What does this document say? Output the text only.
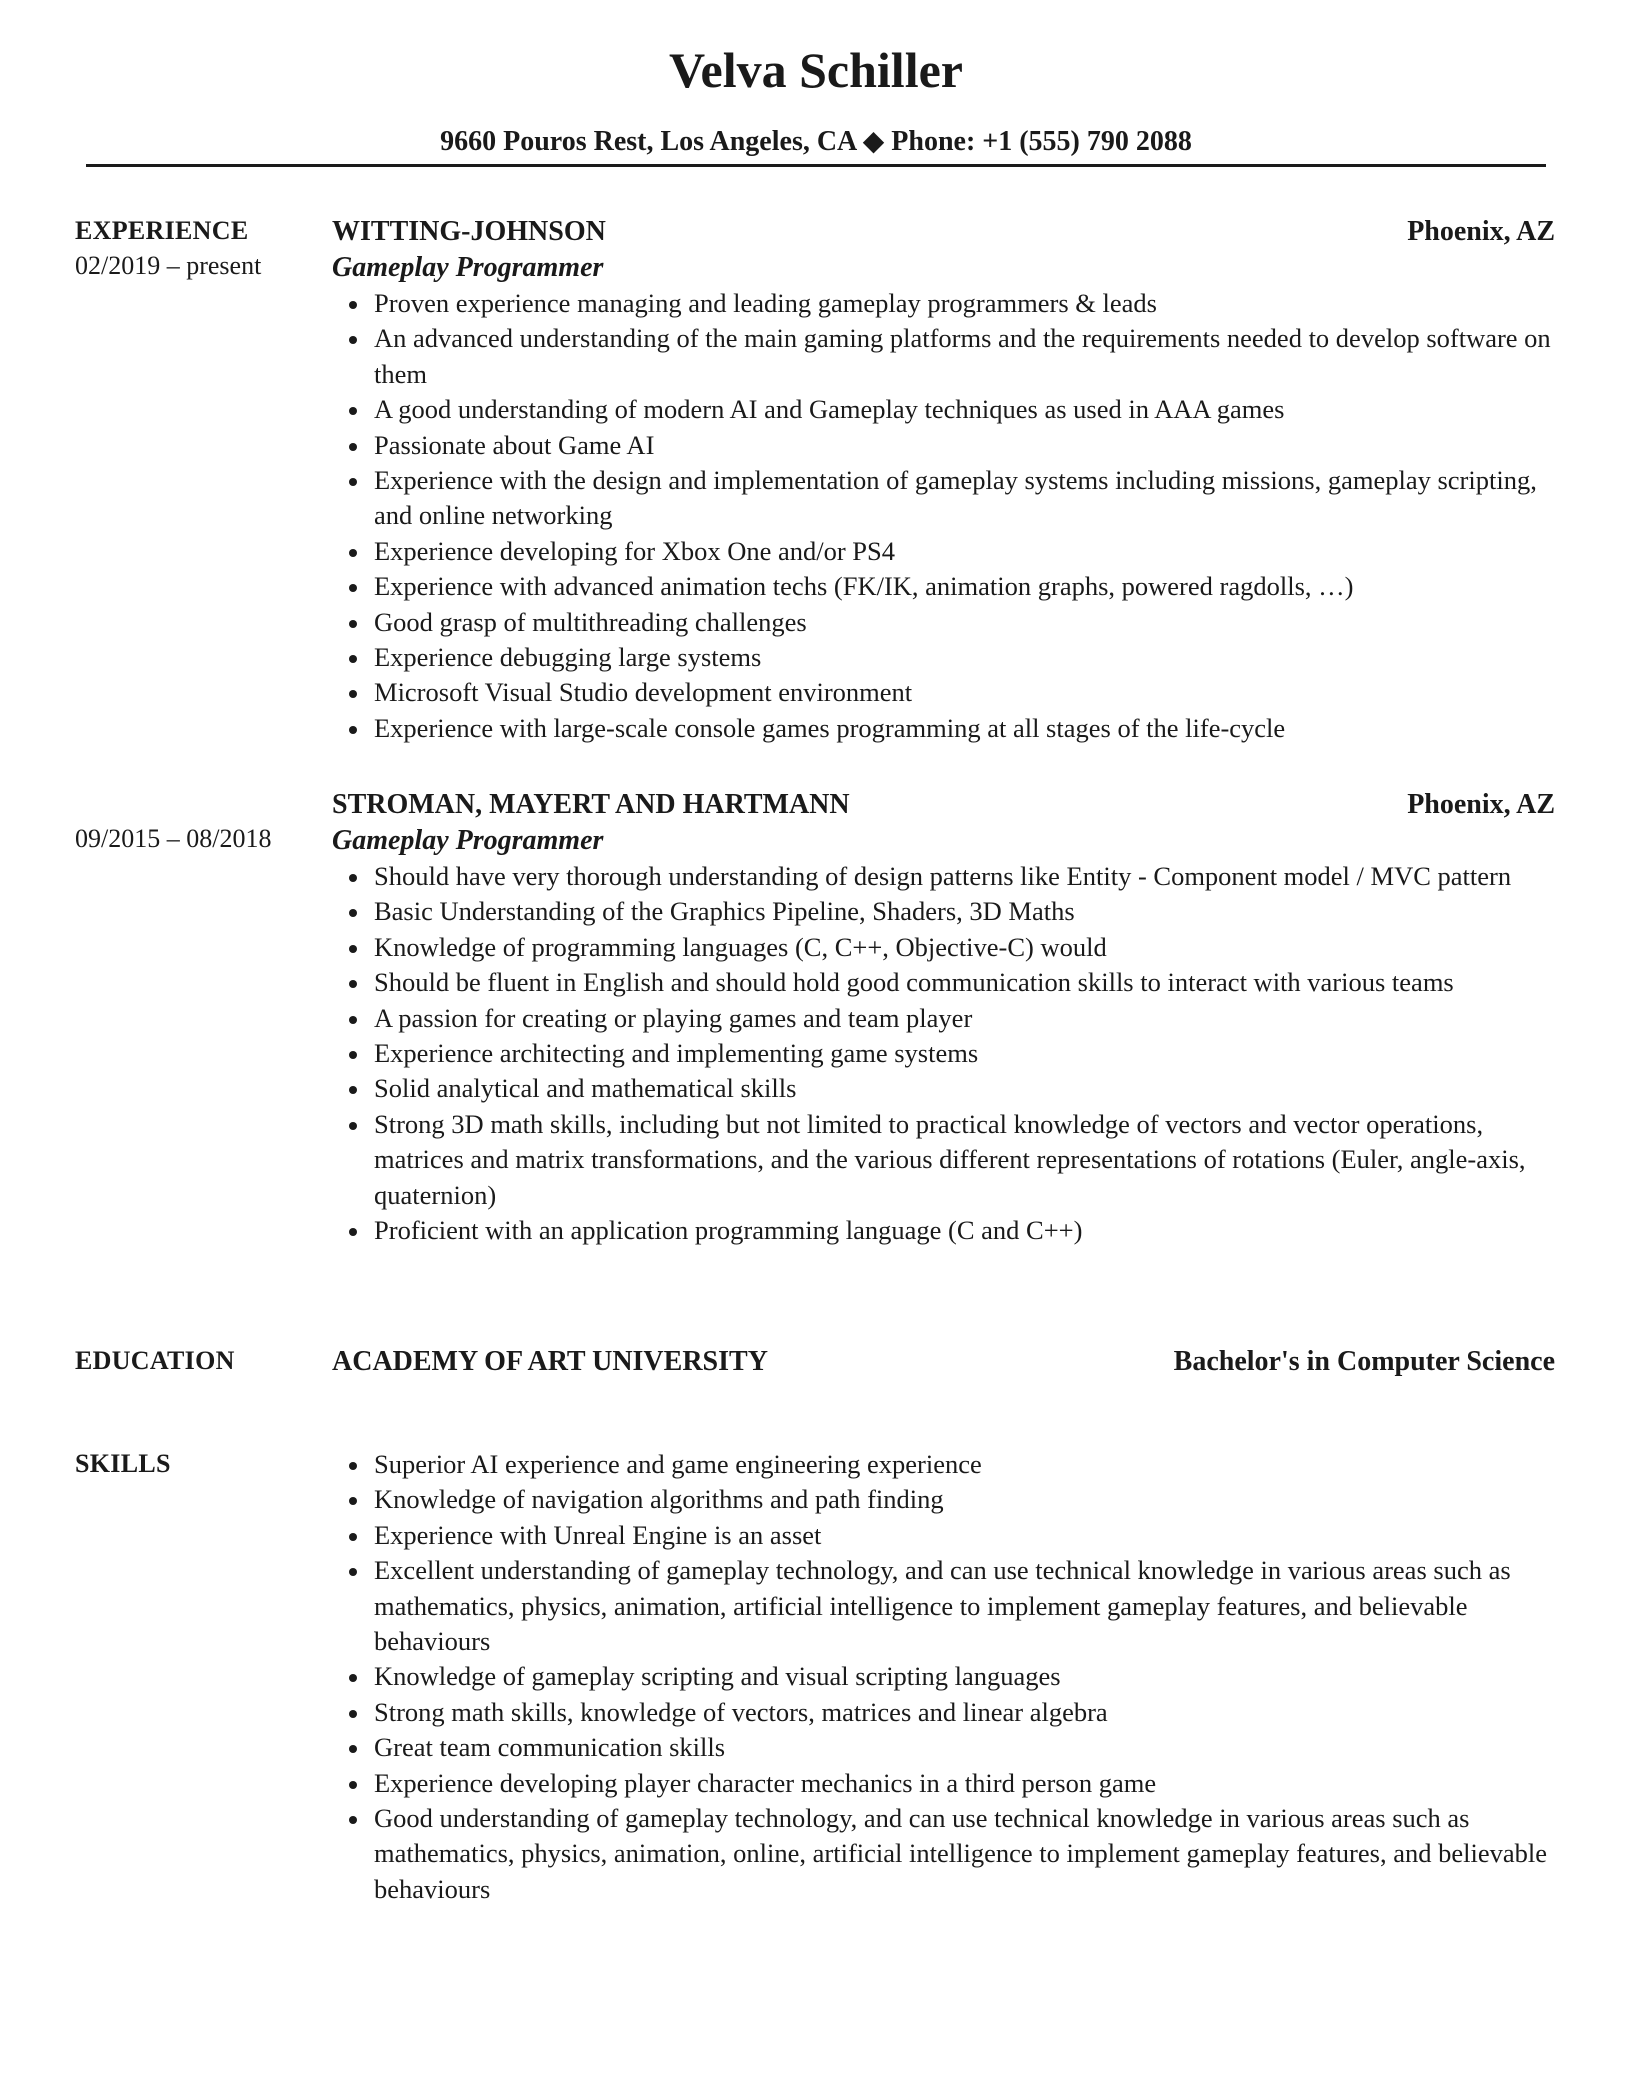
Velva Schiller
9660 Pouros Rest, Los Angeles, CA ◆ Phone: +1 (555) 790 2088
EXPERIENCE
02/2019 – present
WITTING-JOHNSON	Phoenix, AZ
Gameplay Programmer
Proven experience managing and leading gameplay programmers & leads
An advanced understanding of the main gaming platforms and the requirements needed to develop software on them
A good understanding of modern AI and Gameplay techniques as used in AAA games
Passionate about Game AI
Experience with the design and implementation of gameplay systems including missions, gameplay scripting, and online networking
Experience developing for Xbox One and/or PS4
Experience with advanced animation techs (FK/IK, animation graphs, powered ragdolls, …)
Good grasp of multithreading challenges
Experience debugging large systems
Microsoft Visual Studio development environment
Experience with large-scale console games programming at all stages of the life-cycle
09/2015 – 08/2018
STROMAN, MAYERT AND HARTMANN	Phoenix, AZ
Gameplay Programmer
Should have very thorough understanding of design patterns like Entity - Component model / MVC pattern
Basic Understanding of the Graphics Pipeline, Shaders, 3D Maths
Knowledge of programming languages (C, C++, Objective-C) would
Should be fluent in English and should hold good communication skills to interact with various teams
A passion for creating or playing games and team player
Experience architecting and implementing game systems
Solid analytical and mathematical skills
Strong 3D math skills, including but not limited to practical knowledge of vectors and vector operations, matrices and matrix transformations, and the various different representations of rotations (Euler, angle-axis, quaternion)
Proficient with an application programming language (C and C++)
EDUCATION	ACADEMY OF ART UNIVERSITY	Bachelor's in Computer Science
SKILLS	Superior AI experience and game engineering experience
Knowledge of navigation algorithms and path finding
Experience with Unreal Engine is an asset
Excellent understanding of gameplay technology, and can use technical knowledge in various areas such as mathematics, physics, animation, artificial intelligence to implement gameplay features, and believable behaviours
Knowledge of gameplay scripting and visual scripting languages
Strong math skills, knowledge of vectors, matrices and linear algebra
Great team communication skills
Experience developing player character mechanics in a third person game
Good understanding of gameplay technology, and can use technical knowledge in various areas such as mathematics, physics, animation, online, artificial intelligence to implement gameplay features, and believable behaviours
